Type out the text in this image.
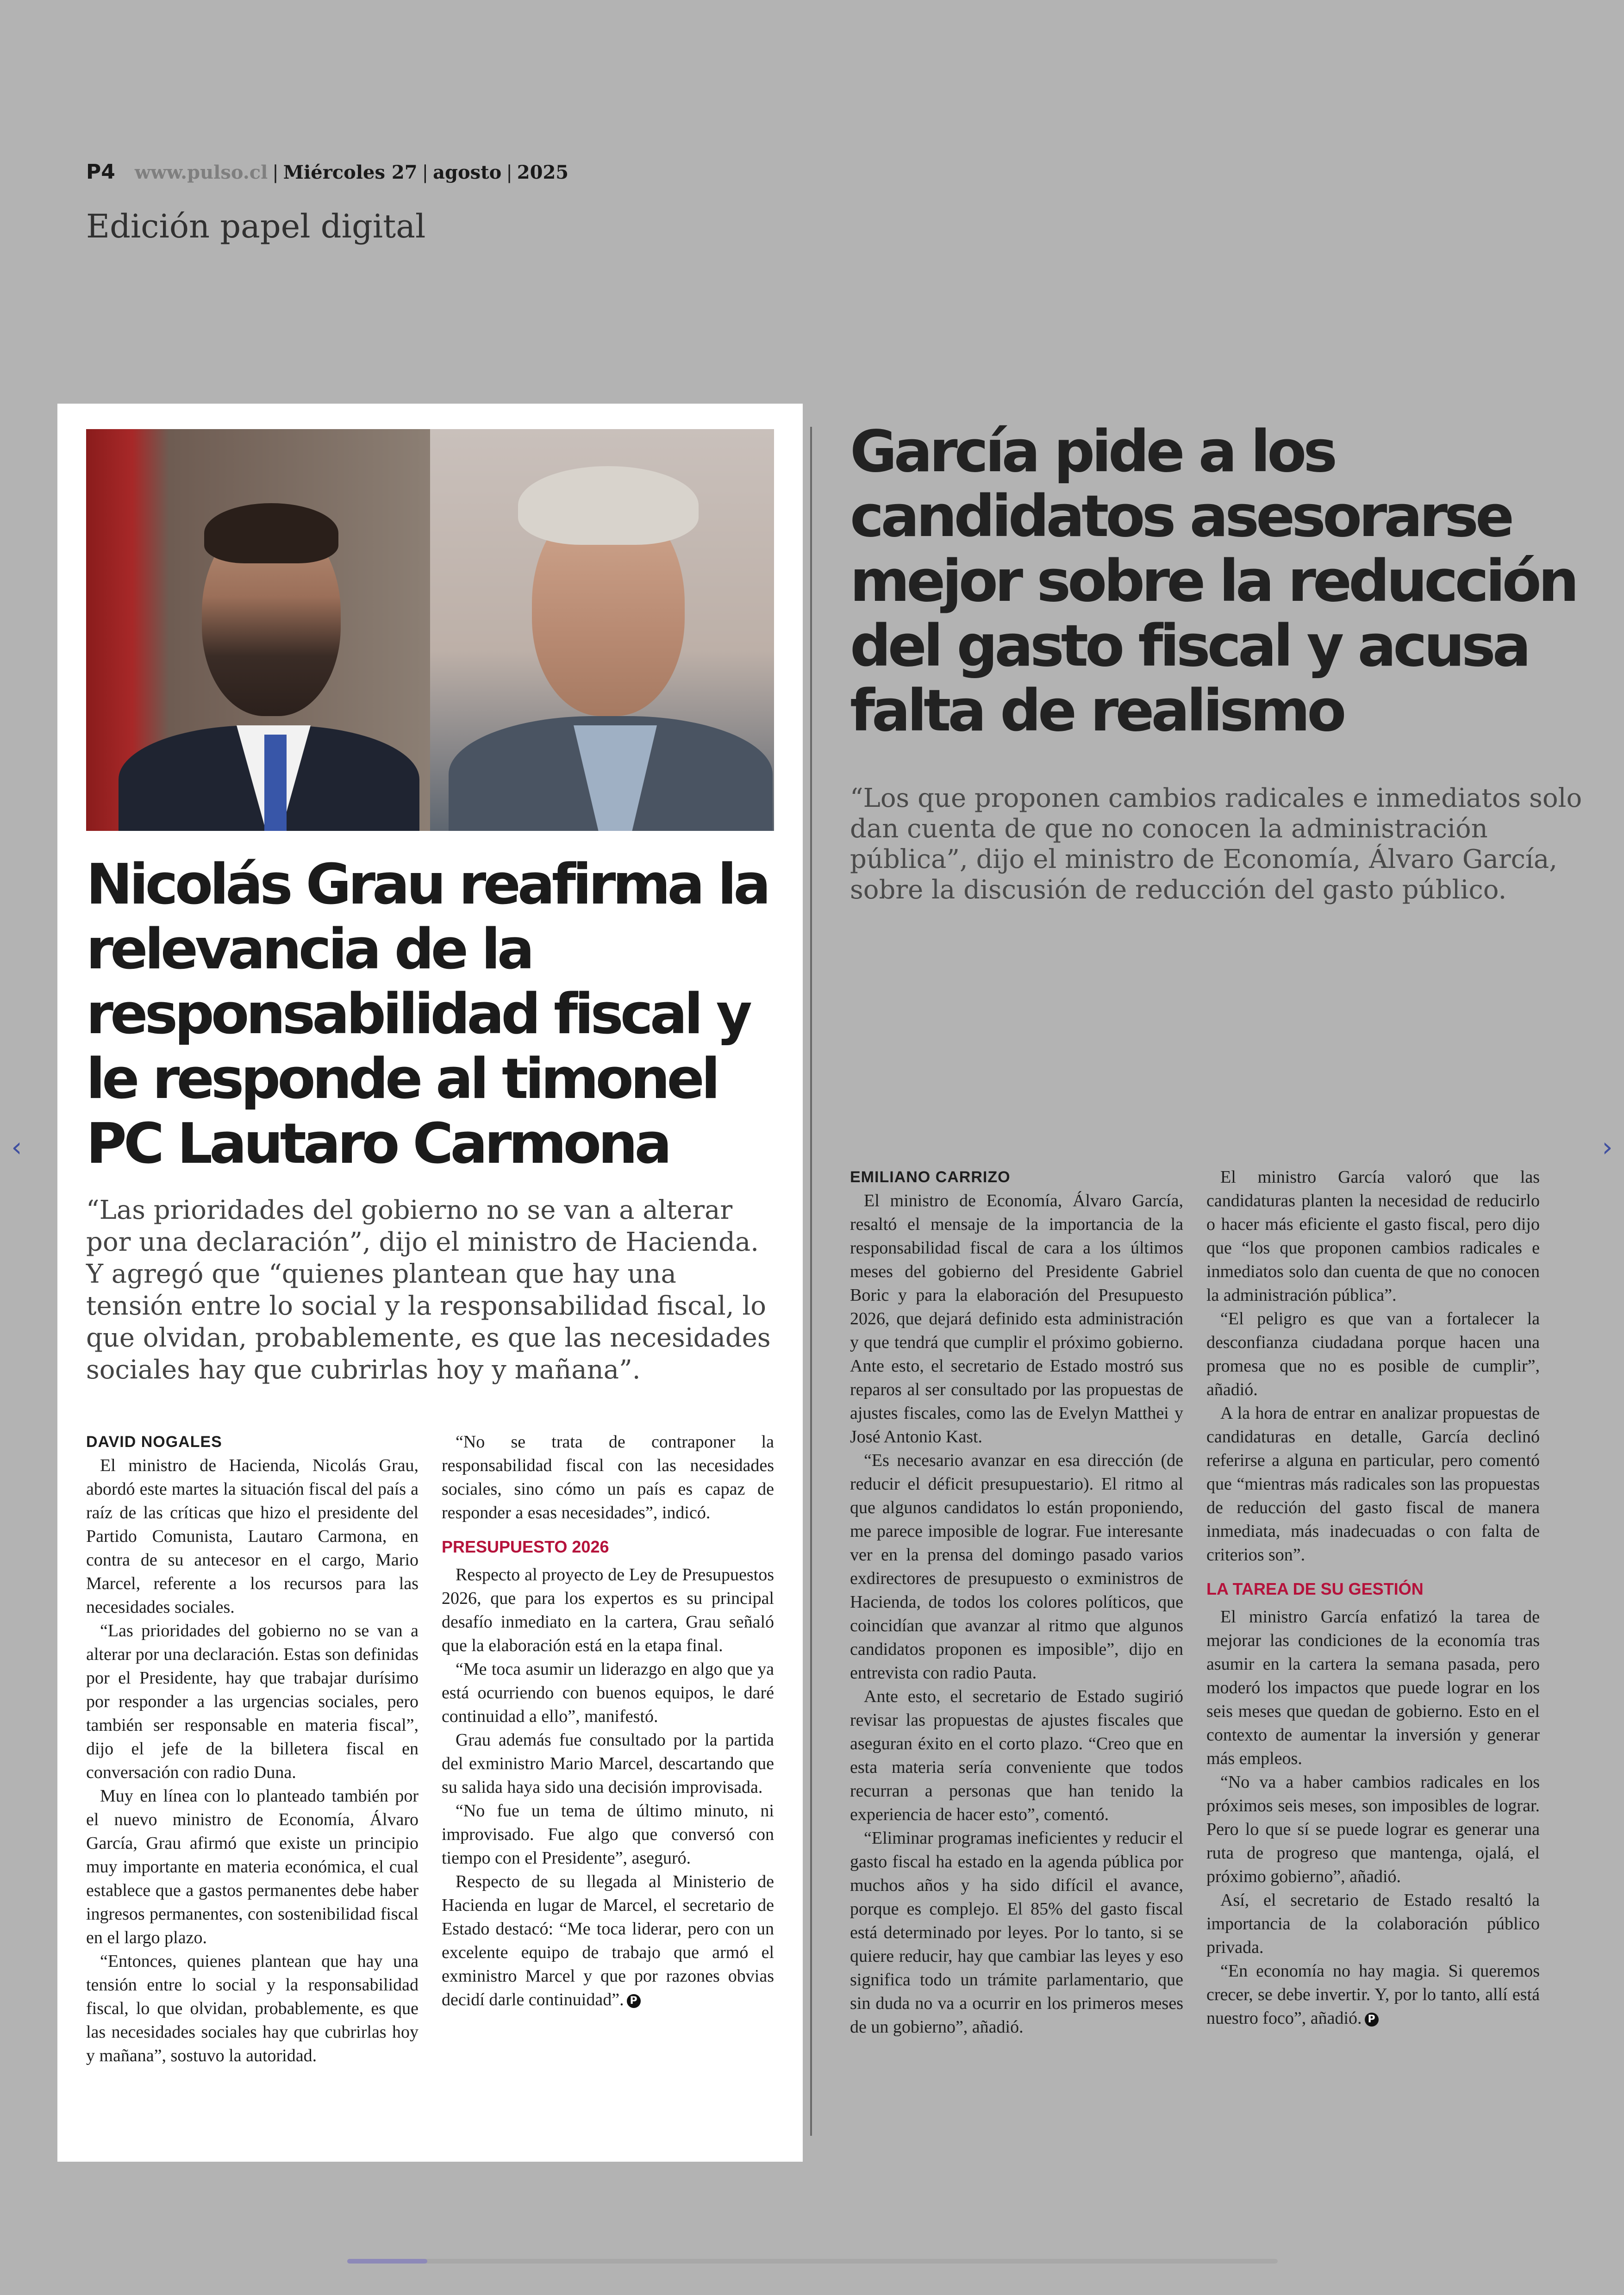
P4 www.pulso.cl | Miércoles 27 | agosto | 2025
Edición papel digital
Nicolás Grau reafirma la relevancia de la responsabilidad fiscal y le responde al timonel PC Lautaro Carmona

“Las prioridades del gobierno no se van a alterar por una declaración”, dijo el ministro de Hacienda. Y agregó que “quienes plantean que hay una tensión entre lo social y la responsabilidad fiscal, lo que olvidan, probablemente, es que las necesidades sociales hay que cubrirlas hoy y mañana”.

DAVID NOGALES

El ministro de Hacienda, Nicolás Grau, abordó este martes la situación fiscal del país a raíz de las críticas que hizo el presidente del Partido Comunista, Lautaro Carmona, en contra de su antecesor en el cargo, Mario Marcel, referente a los recursos para las necesidades sociales.

“Las prioridades del gobierno no se van a alterar por una declaración. Estas son definidas por el Presidente, hay que trabajar durísimo por responder a las urgencias sociales, pero también ser responsable en materia fiscal”, dijo el jefe de la billetera fiscal en conversación con radio Duna.

Muy en línea con lo planteado también por el nuevo ministro de Economía, Álvaro García, Grau afirmó que existe un principio muy importante en materia económica, el cual establece que a gastos permanentes debe haber ingresos permanentes, con sostenibilidad fiscal en el largo plazo.

“Entonces, quienes plantean que hay una tensión entre lo social y la responsabilidad fiscal, lo que olvidan, probablemente, es que las necesidades sociales hay que cubrirlas hoy y mañana”, sostuvo la autoridad.

“No se trata de contraponer la responsabilidad fiscal con las necesidades sociales, sino cómo un país es capaz de responder a esas necesidades”, indicó.

PRESUPUESTO 2026

Respecto al proyecto de Ley de Presupuestos 2026, que para los expertos es su principal desafío inmediato en la cartera, Grau señaló que la elaboración está en la etapa final.

“Me toca asumir un liderazgo en algo que ya está ocurriendo con buenos equipos, le daré continuidad a ello”, manifestó.

Grau además fue consultado por la partida del exministro Mario Marcel, descartando que su salida haya sido una decisión improvisada.

“No fue un tema de último minuto, ni improvisado. Fue algo que conversó con tiempo con el Presidente”, aseguró.

Respecto de su llegada al Ministerio de Hacienda en lugar de Marcel, el secretario de Estado destacó: “Me toca liderar, pero con un excelente equipo de trabajo que armó el exministro Marcel y que por razones obvias decidí darle continuidad”. P

García pide a los candidatos asesorarse mejor sobre la reducción del gasto fiscal y acusa falta de realismo

“Los que proponen cambios radicales e inmediatos solo dan cuenta de que no conocen la administración pública”, dijo el ministro de Economía, Álvaro García, sobre la discusión de reducción del gasto público.

EMILIANO CARRIZO

El ministro de Economía, Álvaro García, resaltó el mensaje de la importancia de la responsabilidad fiscal de cara a los últimos meses del gobierno del Presidente Gabriel Boric y para la elaboración del Presupuesto 2026, que dejará definido esta administración y que tendrá que cumplir el próximo gobierno. Ante esto, el secretario de Estado mostró sus reparos al ser consultado por las propuestas de ajustes fiscales, como las de Evelyn Matthei y José Antonio Kast.

“Es necesario avanzar en esa dirección (de reducir el déficit presupuestario). El ritmo al que algunos candidatos lo están proponiendo, me parece imposible de lograr. Fue interesante ver en la prensa del domingo pasado varios exdirectores de presupuesto o exministros de Hacienda, de todos los colores políticos, que coincidían que avanzar al ritmo que algunos candidatos proponen es imposible”, dijo en entrevista con radio Pauta.

Ante esto, el secretario de Estado sugirió revisar las propuestas de ajustes fiscales que aseguran éxito en el corto plazo. “Creo que en esta materia sería conveniente que todos recurran a personas que han tenido la experiencia de hacer esto”, comentó.

“Eliminar programas ineficientes y reducir el gasto fiscal ha estado en la agenda pública por muchos años y ha sido difícil el avance, porque es complejo. El 85% del gasto fiscal está determinado por leyes. Por lo tanto, si se quiere reducir, hay que cambiar las leyes y eso significa todo un trámite parlamentario, que sin duda no va a ocurrir en los primeros meses de un gobierno”, añadió.

El ministro García valoró que las candidaturas planten la necesidad de reducirlo o hacer más eficiente el gasto fiscal, pero dijo que “los que proponen cambios radicales e inmediatos solo dan cuenta de que no conocen la administración pública”.

“El peligro es que van a fortalecer la desconfianza ciudadana porque hacen una promesa que no es posible de cumplir”, añadió.

A la hora de entrar en analizar propuestas de candidaturas en detalle, García declinó referirse a alguna en particular, pero comentó que “mientras más radicales son las propuestas de reducción del gasto fiscal de manera inmediata, más inadecuadas o con falta de criterios son”.

LA TAREA DE SU GESTIÓN

El ministro García enfatizó la tarea de mejorar las condiciones de la economía tras asumir en la cartera la semana pasada, pero moderó los impactos que puede lograr en los seis meses que quedan de gobierno. Esto en el contexto de aumentar la inversión y generar más empleos.

“No va a haber cambios radicales en los próximos seis meses, son imposibles de lograr. Pero lo que sí se puede lograr es generar una ruta de progreso que mantenga, ojalá, el próximo gobierno”, añadió.

Así, el secretario de Estado resaltó la importancia de la colaboración público privada.

“En economía no hay magia. Si queremos crecer, se debe invertir. Y, por lo tanto, allí está nuestro foco”, añadió. P

‹	›
